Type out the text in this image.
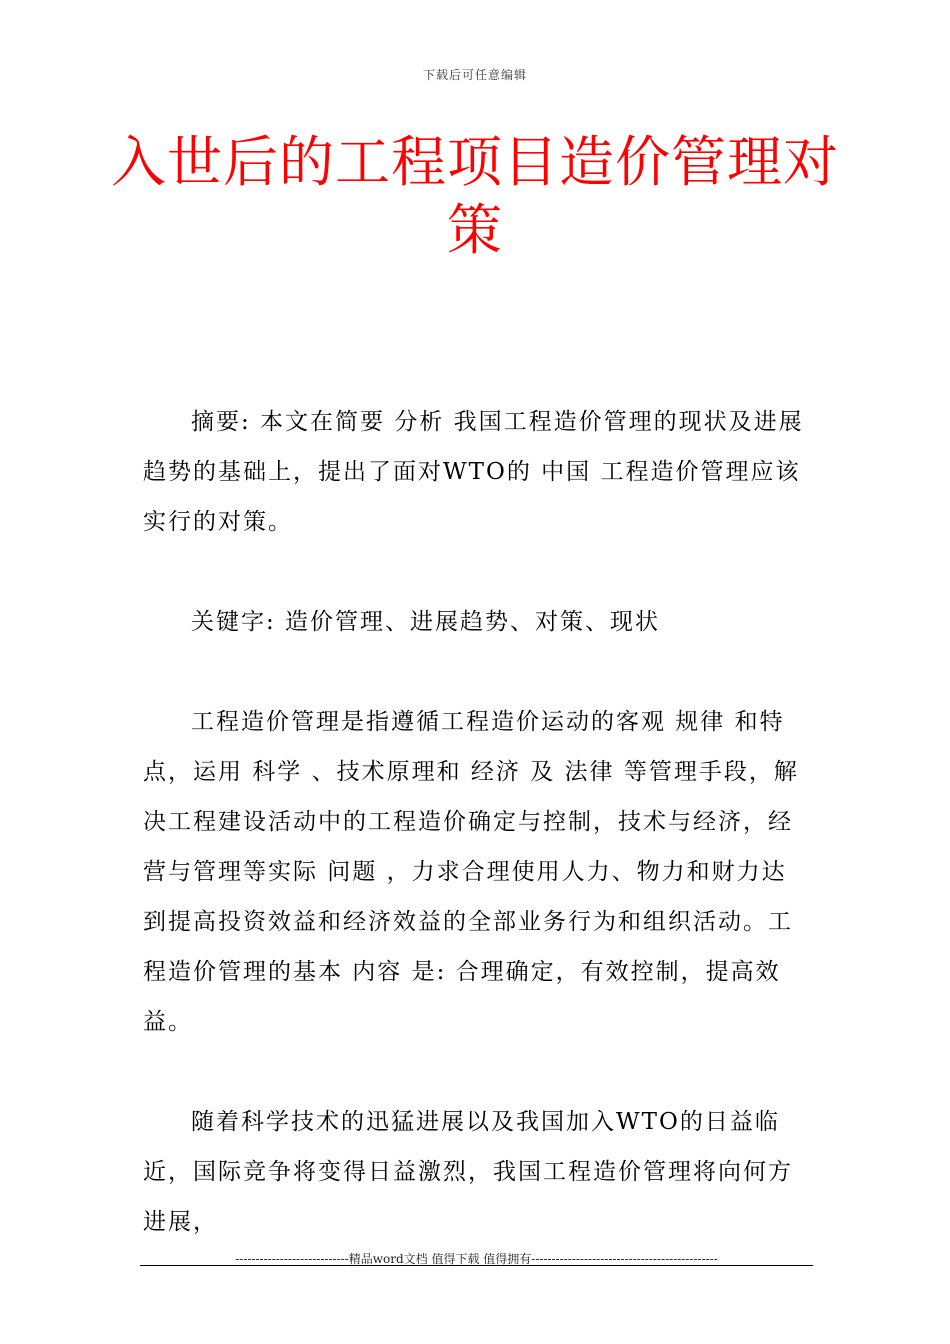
下载后可任意编辑
入世后的工程项目造价管理对策

摘要: 本文在简要 分析 我国工程造价管理的现状及进展 趋势的基础上，提出了面对WTO的 中国 工程造价管理应该实行的对策。

关键字: 造价管理、进展趋势、对策、现状

工程造价管理是指遵循工程造价运动的客观 规律 和特点，运用 科学 、技术原理和 经济 及 法律 等管理手段，解决工程建设活动中的工程造价确定与控制，技术与经济，经营与管理等实际 问题 ，力求合理使用人力、物力和财力达到提高投资效益和经济效益的全部业务行为和组织活动。工程造价管理的基本 内容 是: 合理确定，有效控制，提高效益。

随着科学技术的迅猛进展以及我国加入WTO的日益临近，国际竞争将变得日益激烈，我国工程造价管理将向何方进展，

----------------------------精品word文档 值得下载 值得拥有----------------------------------------------
